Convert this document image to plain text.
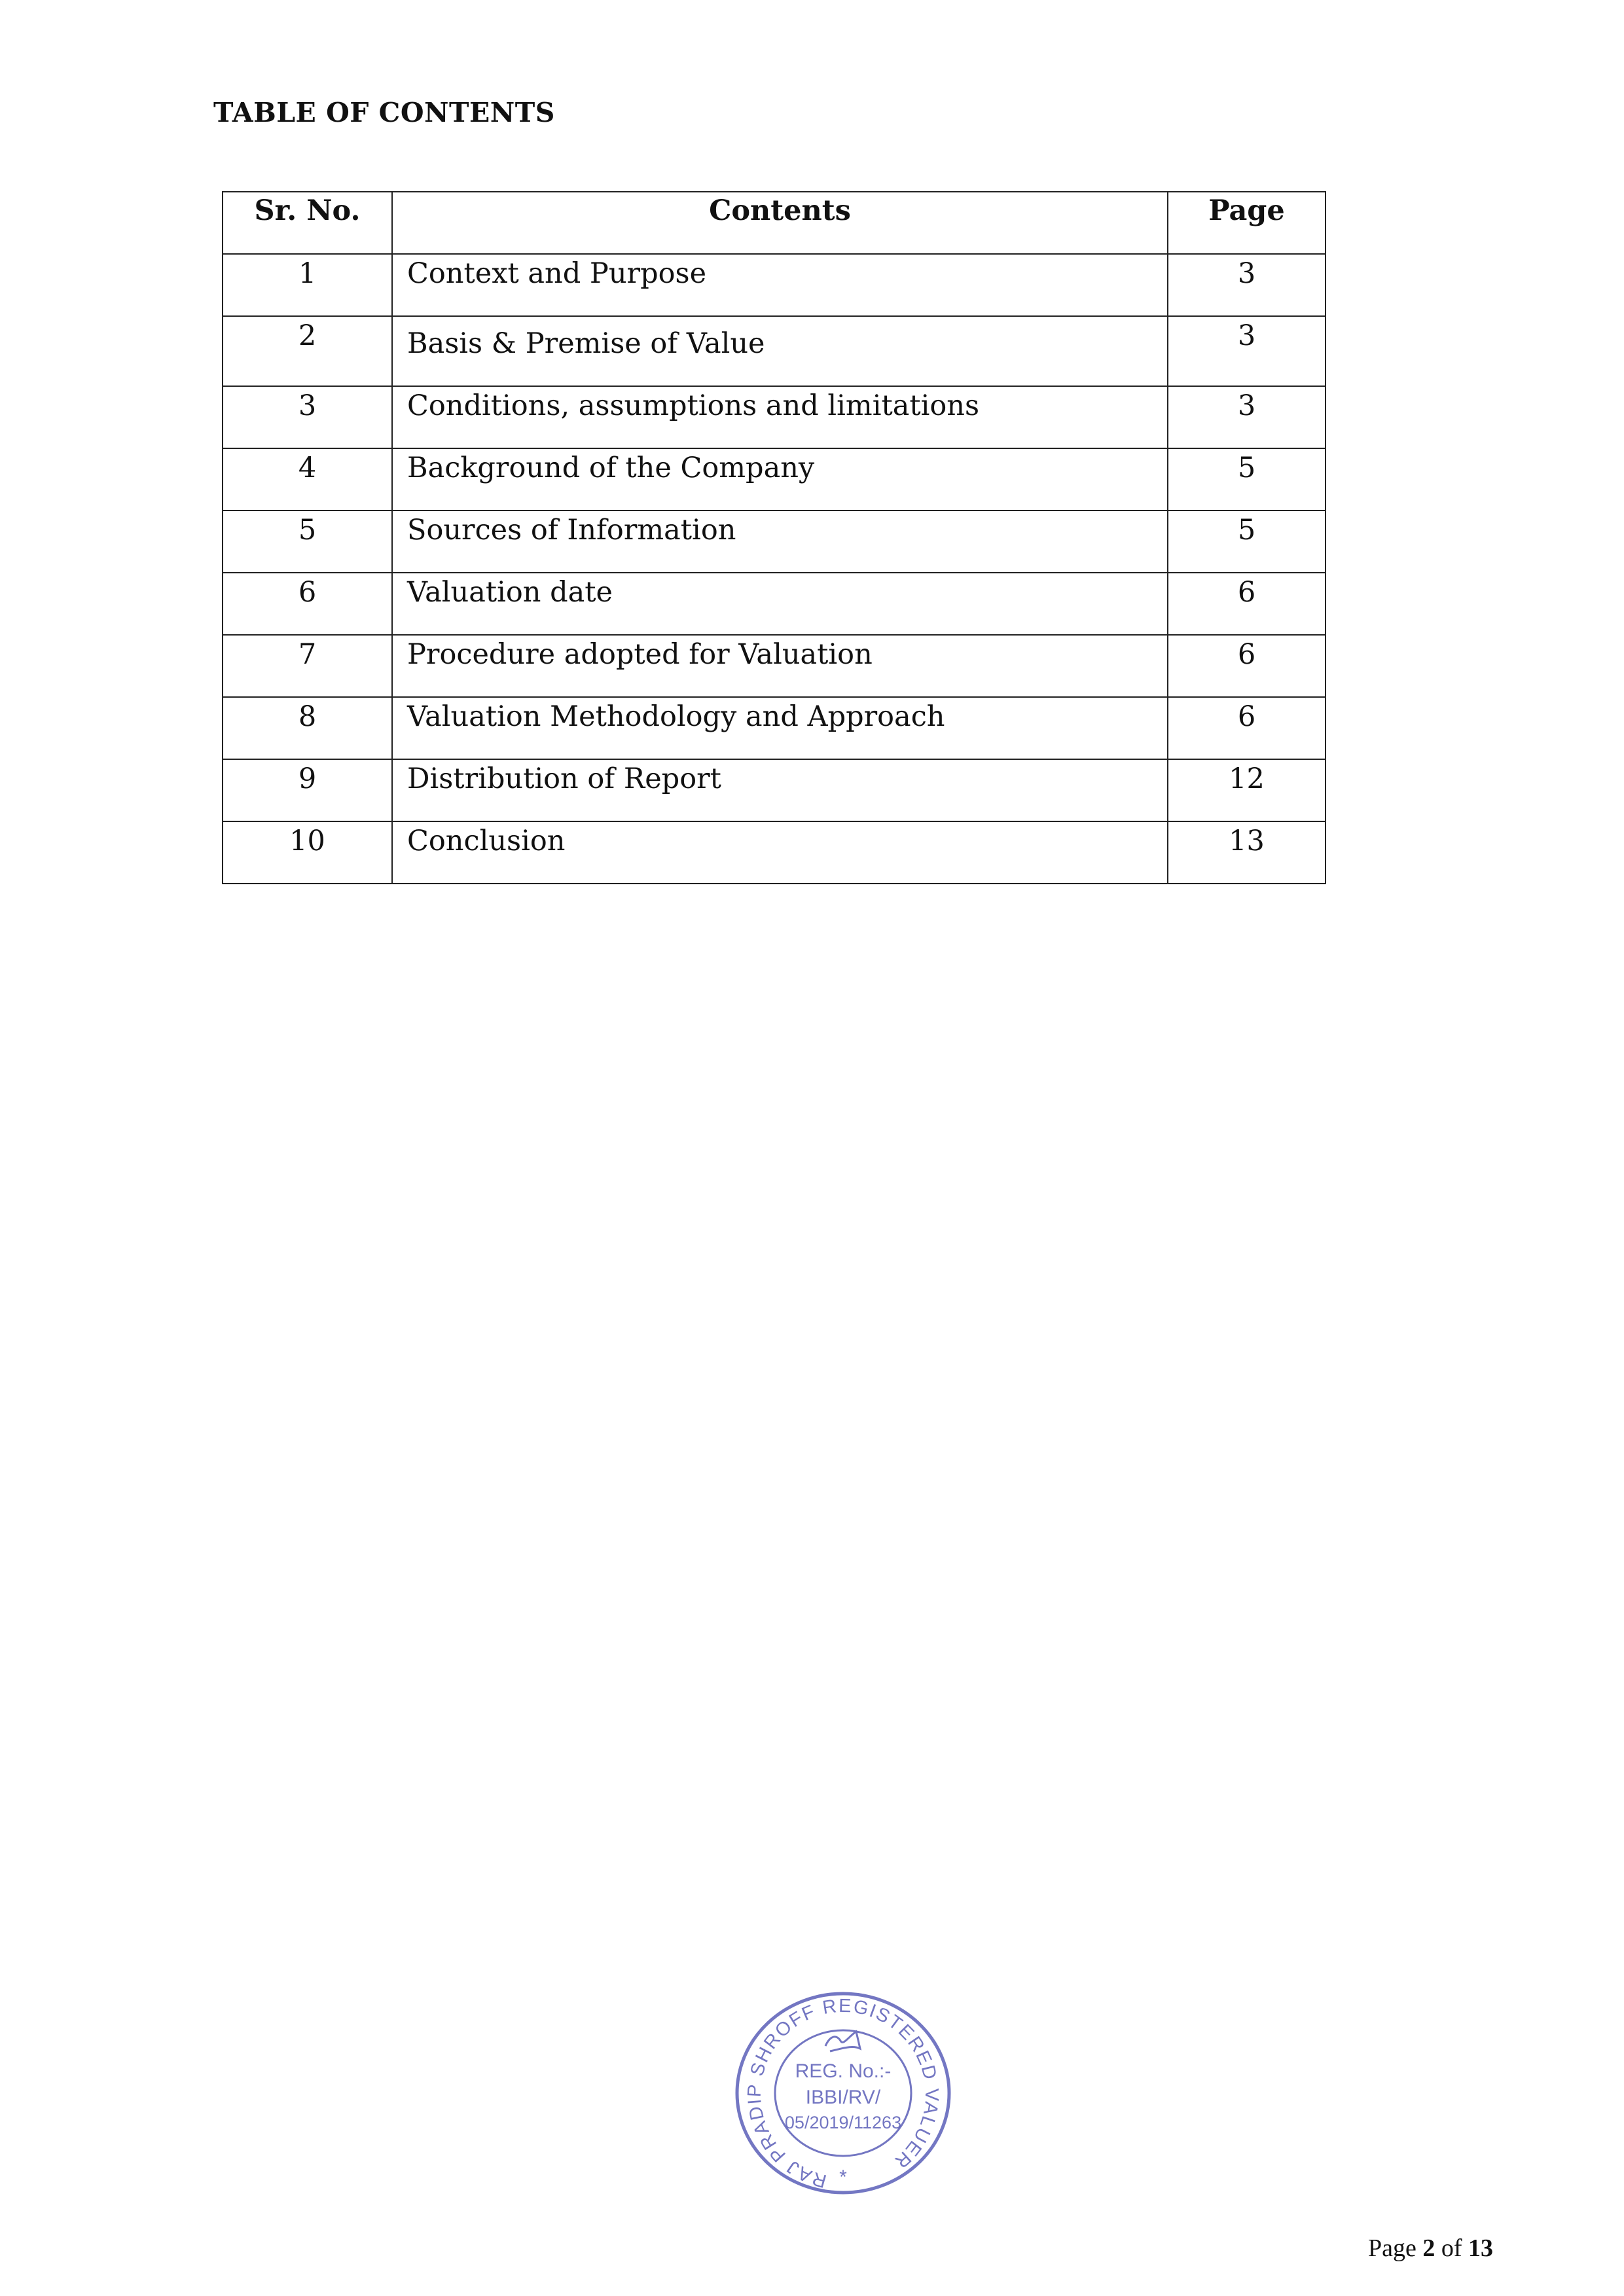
TABLE OF CONTENTS
Sr. No.	Contents	Page
1	Context and Purpose	3
2	Basis & Premise of Value	3
3	Conditions, assumptions and limitations	3
4	Background of the Company	5
5	Sources of Information	5
6	Valuation date	6
7	Procedure adopted for Valuation	6
8	Valuation Methodology and Approach	6
9	Distribution of Report	12
10	Conclusion	13
RAJ PRADIP SHROFF REGISTERED VALUER
*
REG. No.:-
IBBI/RV/
05/2019/11263
Page 2 of 13
